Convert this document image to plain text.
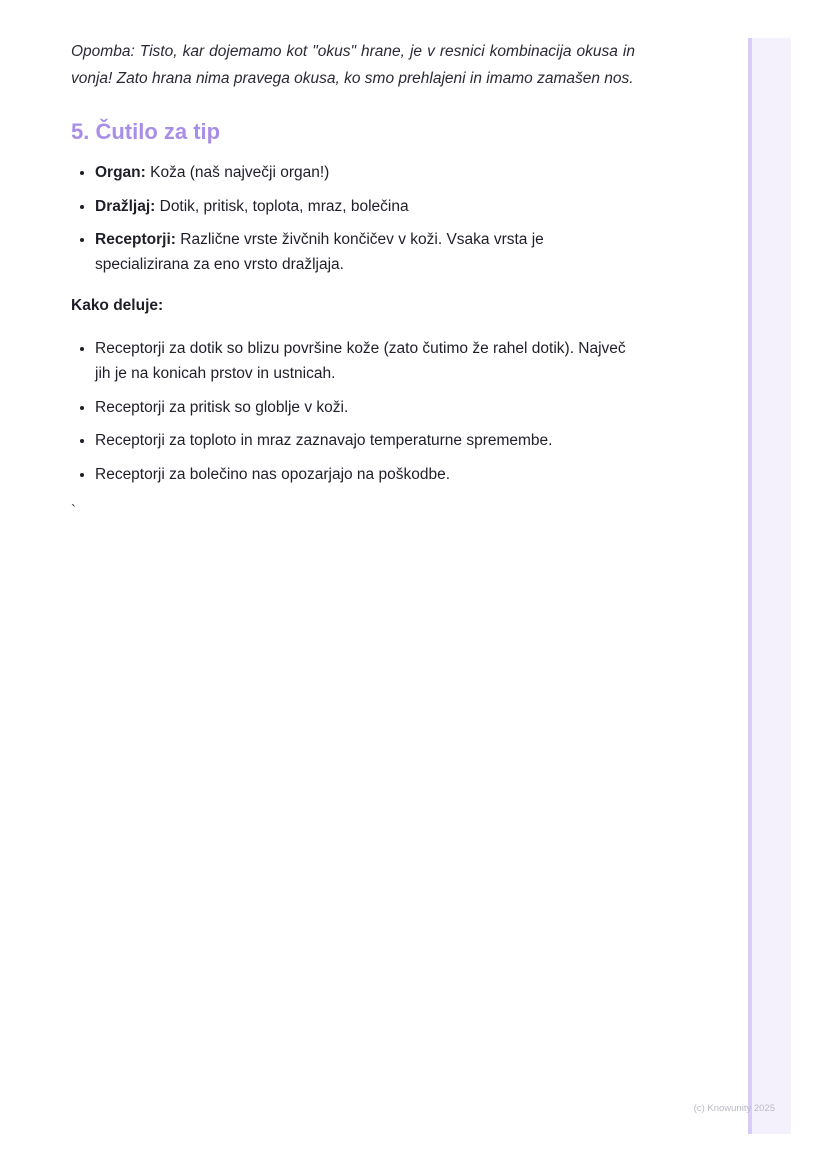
Opomba: Tisto, kar dojemamo kot "okus" hrane, je v resnici kombinacija okusa in vonja! Zato hrana nima pravega okusa, ko smo prehlajeni in imamo zamašen nos.

5. Čutilo za tip
• Organ: Koža (naš največji organ!)
• Dražljaj: Dotik, pritisk, toplota, mraz, bolečina
• Receptorji: Različne vrste živčnih končičev v koži. Vsaka vrsta je specializirana za eno vrsto dražljaja.
Kako deluje:
• Receptorji za dotik so blizu površine kože (zato čutimo že rahel dotik). Največ jih je na konicah prstov in ustnicah.
• Receptorji za pritisk so globlje v koži.
• Receptorji za toploto in mraz zaznavajo temperaturne spremembe.
• Receptorji za bolečino nas opozarjajo na poškodbe.
`
(c) Knowunity 2025
